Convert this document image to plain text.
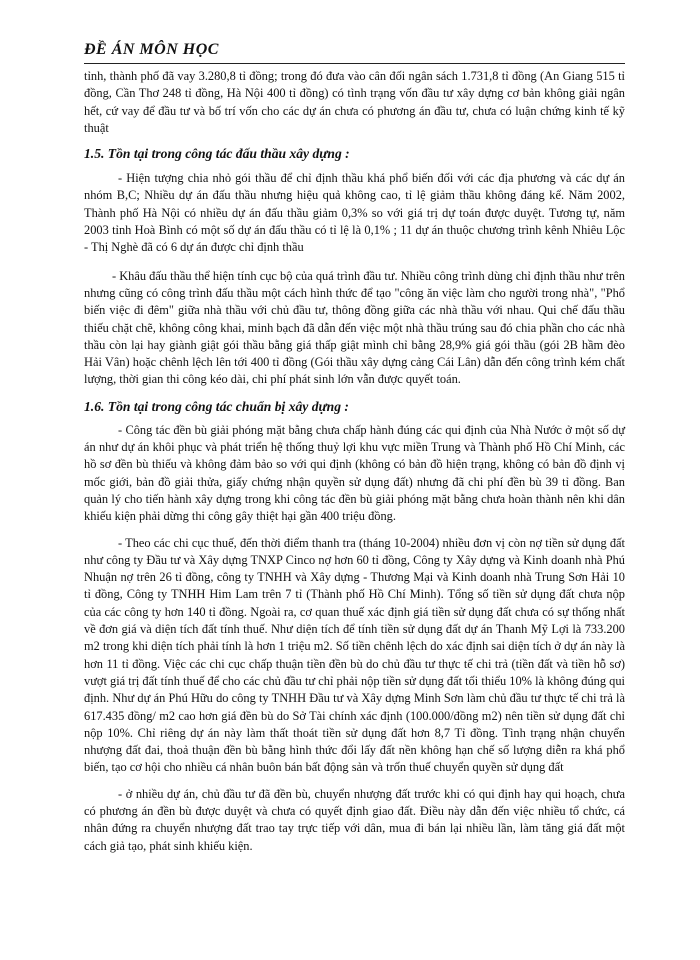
ĐỀ ÁN MÔN HỌC

tỉnh, thành phố đã vay 3.280,8 tỉ đồng; trong đó đưa vào cân đối ngân sách 1.731,8 tỉ đồng (An Giang 515 tỉ đồng, Cần Thơ 248 tỉ đồng, Hà Nội 400 tỉ đồng) có tình trạng vốn đầu tư xây dựng cơ bản không giải ngân hết, cứ vay để đầu tư và bố trí vốn cho các dự án chưa có phương án đầu tư, chưa có luận chứng kinh tế kỹ thuật

1.5. Tồn tại trong công tác đấu thầu xây dựng :

- Hiện tượng chia nhỏ gói thầu để chỉ định thầu khá phổ biến đối với các địa phương và các dự án nhóm B,C; Nhiều dự án đấu thầu nhưng hiệu quả không cao, tỉ lệ giảm thầu không đáng kể. Năm 2002, Thành phố Hà Nội có nhiều dự án đấu thầu giảm 0,3% so với giá trị dự toán được duyệt. Tương tự, năm 2003 tỉnh Hoà Bình có một số dự án đấu thầu có tỉ lệ là 0,1% ; 11 dự án thuộc chương trình kênh Nhiêu Lộc - Thị Nghè đã có 6 dự án được chỉ định thầu

- Khâu đấu thầu thể hiện tính cục bộ của quá trình đầu tư. Nhiều công trình dùng chỉ định thầu như trên nhưng cũng có công trình đấu thầu một cách hình thức để tạo "công ăn việc làm cho người trong nhà", "Phổ biến việc đi đêm" giữa nhà thầu với chủ đầu tư, thông đồng giữa các nhà thầu với nhau. Qui chế đấu thầu thiếu chặt chẽ, không công khai, minh bạch đã dẫn đến việc một nhà thầu trúng sau đó chia phần cho các nhà thầu còn lại hay giành giật gói thầu bằng giá thấp giật mình chỉ bằng 28,9% giá gói thầu (gói 2B hầm đèo Hải Vân) hoặc chênh lệch lên tới 400 tỉ đồng (Gói thầu xây dựng cảng Cái Lân) dẫn đến công trình kém chất lượng, thời gian thi công kéo dài, chi phí phát sinh lớn vẫn được quyết toán.

1.6. Tồn tại trong công tác chuẩn bị xây dựng :

- Công tác đền bù giải phóng mặt bằng chưa chấp hành đúng các qui định của Nhà Nước ở một số dự án như dự án khôi phục và phát triển hệ thống thuỷ lợi khu vực miền Trung và Thành phố Hồ Chí Minh, các hồ sơ đền bù thiếu và không đảm bảo so với qui định (không có bản đồ hiện trạng, không có bản đồ định vị mốc giới, bản đồ giải thửa, giấy chứng nhận quyền sử dụng đất) nhưng đã chi phí đền bù 39 tỉ đồng. Ban quản lý cho tiến hành xây dựng trong khi công tác đền bù giải phóng mặt bằng chưa hoàn thành nên khi dân khiếu kiện phải dừng thi công gây thiệt hại gần 400 triệu đồng.

- Theo các chi cục thuế, đến thời điểm thanh tra (tháng 10-2004) nhiều đơn vị còn nợ tiền sử dụng đất như công ty Đầu tư và Xây dựng TNXP Cinco nợ hơn 60 tỉ đồng, Công ty Xây dựng và Kinh doanh nhà Phú Nhuận nợ trên 26 tỉ đồng, công ty TNHH và Xây dựng - Thương Mại và Kinh doanh nhà Trung Sơn Hải 10 tỉ đồng, Công ty TNHH Him Lam trên 7 tỉ (Thành phố Hồ Chí Minh). Tổng số tiền sử dụng đất chưa nộp của các công ty hơn 140 tỉ đồng. Ngoài ra, cơ quan thuế xác định giá tiền sử dụng đất chưa có sự thống nhất về đơn giá và diện tích đất tính thuế. Như diện tích để tính tiền sử dụng đất dự án Thanh Mỹ Lợi là 733.200 m2 trong khi diện tích phải tính là hơn 1 triệu m2. Số tiền chênh lệch do xác định sai diện tích ở dự án này là hơn 11 tỉ đồng. Việc các chi cục chấp thuận tiền đền bù do chủ đầu tư thực tế chi trả (tiền đất và tiền hỗ sơ) vượt giá trị đất tính thuế để cho các chủ đầu tư chỉ phải nộp tiền sử dụng đất tối thiểu 10% là không đúng qui định. Như dự án Phú Hữu do công ty TNHH Đầu tư và Xây dựng Minh Sơn làm chủ đầu tư thực tế chi trả là 617.435 đồng/ m2 cao hơn giá đền bù do Sở Tài chính xác định (100.000/đồng m2) nên tiền sử dụng đất chỉ nộp 10%. Chỉ riêng dự án này làm thất thoát tiền sử dụng đất hơn 8,7 Tỉ đồng. Tình trạng nhận chuyển nhượng đất đai, thoả thuận đền bù bằng hình thức đổi lấy đất nền không hạn chế số lượng diễn ra khá phổ biến, tạo cơ hội cho nhiều cá nhân buôn bán bất động sản và trốn thuế chuyển quyền sử dụng đất

- ở nhiều dự án, chủ đầu tư đã đền bù, chuyển nhượng đất trước khi có qui định hay qui hoạch, chưa có phương án đền bù được duyệt và chưa có quyết định giao đất. Điều này dẫn đến việc nhiều tổ chức, cá nhân đứng ra chuyển nhượng đất trao tay trực tiếp với dân, mua đi bán lại nhiều lần, làm tăng giá đất một cách giả tạo, phát sinh khiếu kiện.
